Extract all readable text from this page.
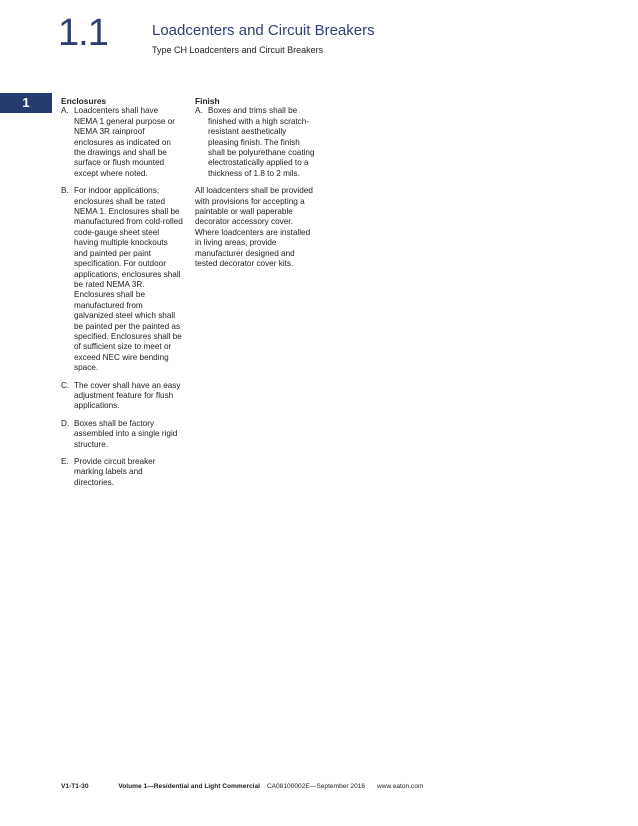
1.1	Loadcenters and Circuit Breakers
Type CH Loadcenters and Circuit Breakers
1	Enclosures
A. Loadcenters shall have NEMA 1 general purpose or NEMA 3R rainproof enclosures as indicated on the drawings and shall be surface or flush mounted except where noted.
B. For indoor applications, enclosures shall be rated NEMA 1. Enclosures shall be manufactured from cold-rolled code-gauge sheet steel having multiple knockouts and painted per paint specification. For outdoor applications, enclosures shall be rated NEMA 3R. Enclosures shall be manufactured from galvanized steel which shall be painted per the painted as specified. Enclosures shall be of sufficient size to meet or exceed NEC wire bending space.
C. The cover shall have an easy adjustment feature for flush applications.
D. Boxes shall be factory assembled into a single rigid structure.
E. Provide circuit breaker marking labels and directories.
Finish
A. Boxes and trims shall be finished with a high scratch-resistant aesthetically pleasing finish. The finish shall be polyurethane coating electrostatically applied to a thickness of 1.8 to 2 mils.
All loadcenters shall be provided with provisions for accepting a paintable or wall paperable decorator accessory cover. Where loadcenters are installed in living areas, provide manufacturer designed and tested decorator cover kits.
V1-T1-30	Volume 1—Residential and Light Commercial CA08100002E—September 2016 www.eaton.com
